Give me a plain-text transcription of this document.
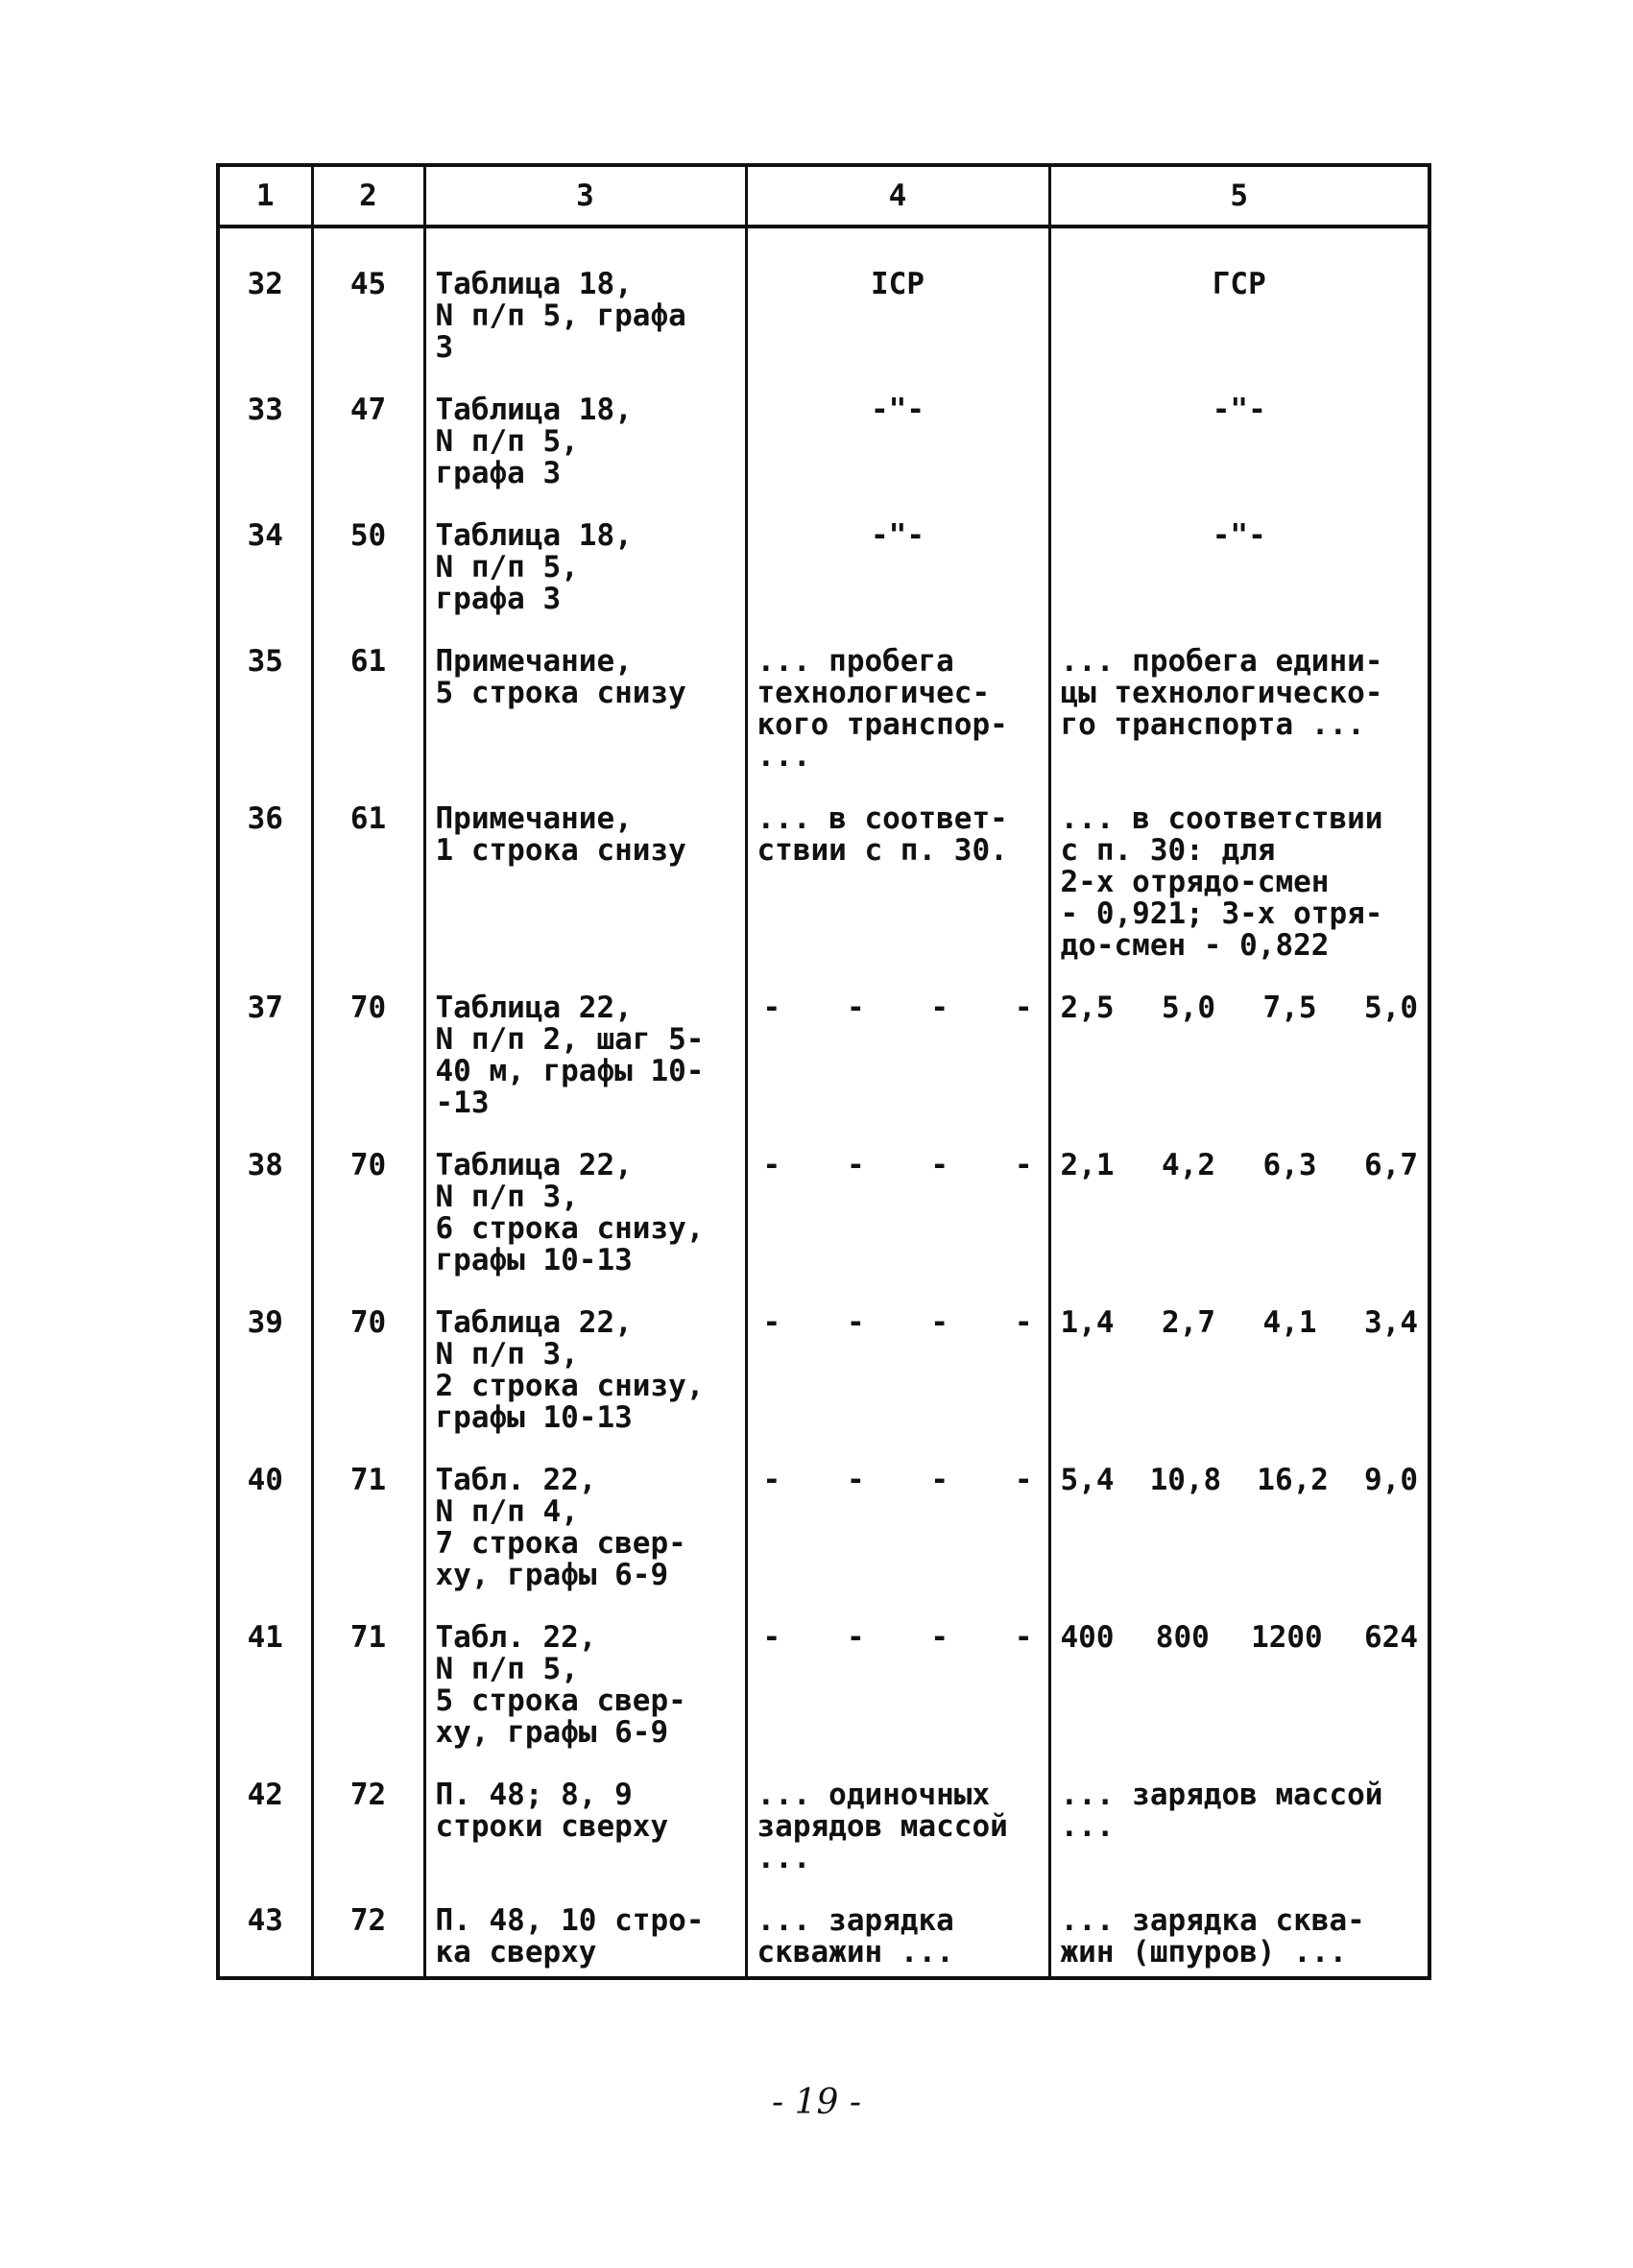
1	2	3	4	5
32	45	Таблица 18,
N п/п 5, графа
3	ICP	ГСР
33	47	Таблица 18,
N п/п 5,
графа 3	-"-	-"-
34	50	Таблица 18,
N п/п 5,
графа 3	-"-	-"-
35	61	Примечание,
5 строка снизу	... пробега
технологичес-
кого транспор-
...	... пробега едини-
цы технологическо-
го транспорта ...
36	61	Примечание,
1 строка снизу	... в соответ-
ствии с п. 30.	... в соответствии
с п. 30: для
2-х отрядо-смен
- 0,921; 3-х отря-
до-смен - 0,822
37	70	Таблица 22,
N п/п 2, шаг 5-
40 м, графы 10-
-13	- - - -	2,5 5,0 7,5 5,0

38	70	Таблица 22,
N п/п 3,
6 строка снизу,
графы 10-13	- - - -	2,1 4,2 6,3 6,7

39	70	Таблица 22,
N п/п 3,
2 строка снизу,
графы 10-13	- - - -	1,4 2,7 4,1 3,4

40	71	Табл. 22,
N п/п 4,
7 строка свер-
ху, графы 6-9	- - - -	5,4 10,8 16,2 9,0

41	71	Табл. 22,
N п/п 5,
5 строка свер-
ху, графы 6-9	- - - -	400 800 1200 624

42	72	П. 48; 8, 9
строки сверху	... одиночных
зарядов массой
...	... зарядов массой
...
43	72	П. 48, 10 стро-
ка сверху	... зарядка
скважин ...	... зарядка сква-
жин (шпуров) ...
- 19 -
